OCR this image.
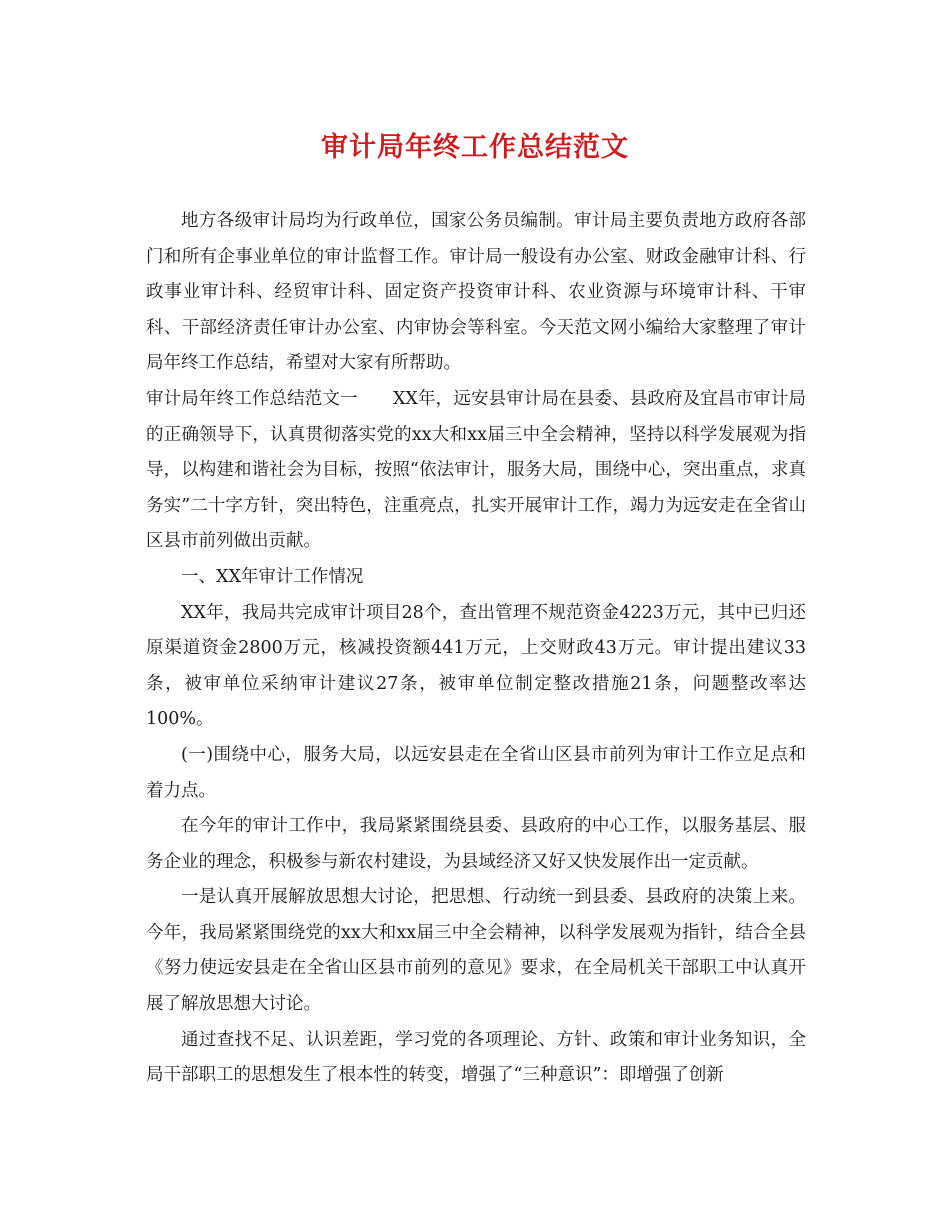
审计局年终工作总结范文

地方各级审计局均为行政单位，国家公务员编制。审计局主要负责地方政府各部门和所有企事业单位的审计监督工作。审计局一般设有办公室、财政金融审计科、行政事业审计科、经贸审计科、固定资产投资审计科、农业资源与环境审计科、干审科、干部经济责任审计办公室、内审协会等科室。今天范文网小编给大家整理了审计局年终工作总结，希望对大家有所帮助。

审计局年终工作总结范文一　　XX年，远安县审计局在县委、县政府及宜昌市审计局的正确领导下，认真贯彻落实党的xx大和xx届三中全会精神，坚持以科学发展观为指导，以构建和谐社会为目标，按照“依法审计，服务大局，围绕中心，突出重点，求真务实”二十字方针，突出特色，注重亮点，扎实开展审计工作，竭力为远安走在全省山区县市前列做出贡献。

一、XX年审计工作情况

XX年，我局共完成审计项目28个，查出管理不规范资金4223万元，其中已归还原渠道资金2800万元，核减投资额441万元，上交财政43万元。审计提出建议33条，被审单位采纳审计建议27条，被审单位制定整改措施21条，问题整改率达100%。

(一)围绕中心，服务大局，以远安县走在全省山区县市前列为审计工作立足点和着力点。

在今年的审计工作中，我局紧紧围绕县委、县政府的中心工作，以服务基层、服务企业的理念，积极参与新农村建设，为县域经济又好又快发展作出一定贡献。

一是认真开展解放思想大讨论，把思想、行动统一到县委、县政府的决策上来。今年，我局紧紧围绕党的xx大和xx届三中全会精神，以科学发展观为指针，结合全县《努力使远安县走在全省山区县市前列的意见》要求，在全局机关干部职工中认真开展了解放思想大讨论。

通过查找不足、认识差距，学习党的各项理论、方针、政策和审计业务知识，全局干部职工的思想发生了根本性的转变，增强了“三种意识”：即增强了创新
